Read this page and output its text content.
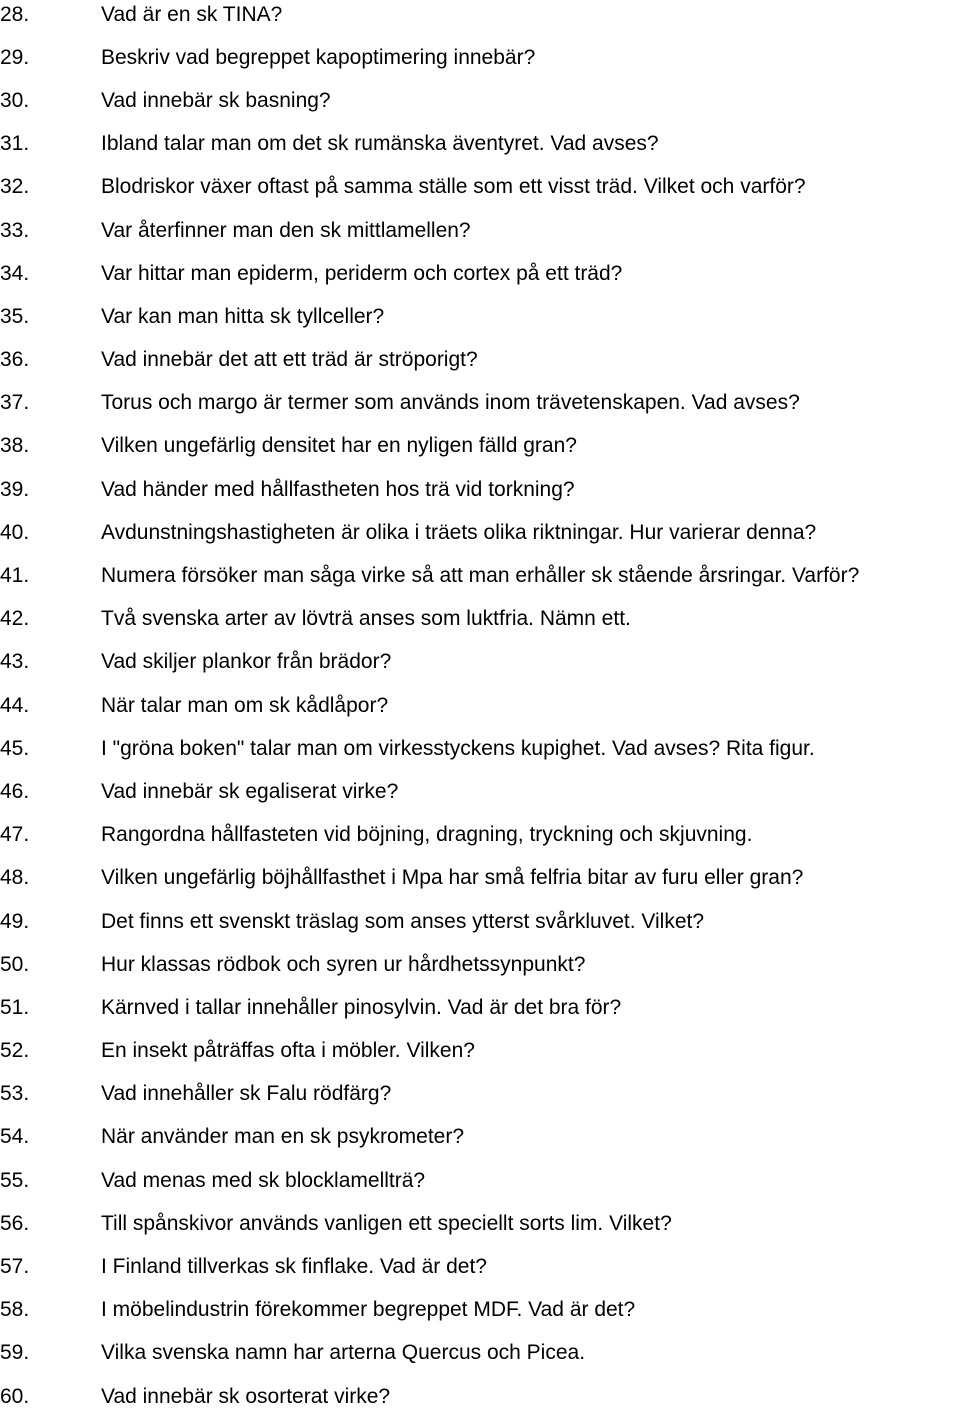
28.	Vad är en sk TINA?
29.	Beskriv vad begreppet kapoptimering innebär?
30.	Vad innebär sk basning?
31.	Ibland talar man om det sk rumänska äventyret. Vad avses?
32.	Blodriskor växer oftast på samma ställe som ett visst träd. Vilket och varför?
33.	Var återfinner man den sk mittlamellen?
34.	Var hittar man epiderm, periderm och cortex på ett träd?
35.	Var kan man hitta sk tyllceller?
36.	Vad innebär det att ett träd är ströporigt?
37.	Torus och margo är termer som används inom trävetenskapen. Vad avses?
38.	Vilken ungefärlig densitet har en nyligen fälld gran?
39.	Vad händer med hållfastheten hos trä vid torkning?
40.	Avdunstningshastigheten är olika i träets olika riktningar. Hur varierar denna?
41.	Numera försöker man såga virke så att man erhåller sk stående årsringar. Varför?
42.	Två svenska arter av lövträ anses som luktfria. Nämn ett.
43.	Vad skiljer plankor från brädor?
44.	När talar man om sk kådlåpor?
45.	I "gröna boken" talar man om virkesstyckens kupighet. Vad avses? Rita figur.
46.	Vad innebär sk egaliserat virke?
47.	Rangordna hållfasteten vid böjning, dragning, tryckning och skjuvning.
48.	Vilken ungefärlig böjhållfasthet i Mpa har små felfria bitar av furu eller gran?
49.	Det finns ett svenskt träslag som anses ytterst svårkluvet. Vilket?
50.	Hur klassas rödbok och syren ur hårdhetssynpunkt?
51.	Kärnved i tallar innehåller pinosylvin. Vad är det bra för?
52.	En insekt påträffas ofta i möbler. Vilken?
53.	Vad innehåller sk Falu rödfärg?
54.	När använder man en sk psykrometer?
55.	Vad menas med sk blocklamellträ?
56.	Till spånskivor används vanligen ett speciellt sorts lim. Vilket?
57.	I Finland tillverkas sk finflake. Vad är det?
58.	I möbelindustrin förekommer begreppet MDF. Vad är det?
59.	Vilka svenska namn har arterna Quercus och Picea.
60.	Vad innebär sk osorterat virke?
